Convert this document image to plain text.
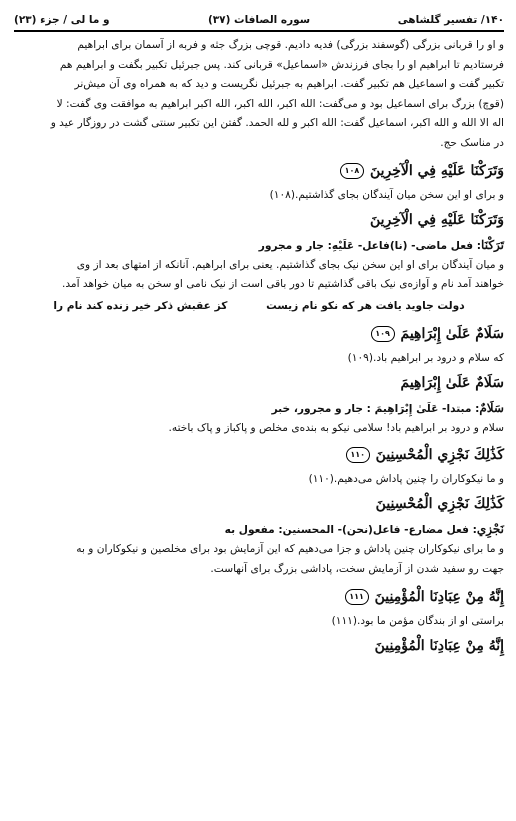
۱۴۰/ تفسیر گلشاهی
سوره الصافات (۳۷)
و ما لی / جزء (۲۳)

و او را قربانی بزرگی (گوسفند بزرگی) فدیه دادیم. قوچی بزرگ جثه و فربه از آسمان برای ابراهیم
فرستادیم تا ابراهیم او را بجای فرزندش «اسماعیل» قربانی کند. پس جبرئیل تکبیر بگفت و ابراهیم هم
تکبیر گفت و اسماعیل هم تکبیر گفت. ابراهیم به جبرئیل نگریست و دید که به همراه وی آن میش‌نر
(قوچ) بزرگ برای اسماعیل بود و می‌گفت: الله اکبر، الله اکبر، الله اکبر ابراهیم به موافقت وی گفت: لا
اله الا الله و الله اکبر، اسماعیل گفت: الله اکبر و لله الحمد. گفتن این تکبیر سنتی گشت در روزگار عید و
در مناسک حج.

وَتَرَكْنَا عَلَيْهِ فِي الْآخِرِينَ۱۰۸

و برای او این سخن میان آیندگان بجای گذاشتیم.(۱۰۸)

وَتَرَكْنَا عَلَيْهِ فِي الْآخِرِينَ

تَرَكْنَا: فعل ماضی- (نا)فاعل- عَلَيْهِ: جار و مجرور

و میان آیندگان برای او این سخن نیک بجای گذاشتیم. یعنی برای ابراهیم. آنانکه از امتهای بعد از وی
خواهند آمد نام و آوازه‌ی نیک باقی گذاشتیم تا دور باقی است از نیک نامی او سخن به میان خواهد آمد.

دولت جاوید یافت هر که نکو نام زیست
کز عقبش ذکر خیر زنده کند نام را

سَلَامٌ عَلَىٰ إِبْرَاهِيمَ۱۰۹

که سلام و درود بر ابراهیم باد.(۱۰۹)

سَلَامٌ عَلَىٰ إِبْرَاهِيمَ

سَلَامٌ: مبتدا- عَلَىٰ إِبْرَاهِيمَ : جار و مجرور، خبر

سلام و درود بر ابراهیم باد! سلامی نیکو به بنده‌ی مخلص و پاکباز و پاک باخته.

كَذَٰلِكَ نَجْزِي الْمُحْسِنِينَ۱۱۰

و ما نیکوکاران را چنین پاداش می‌دهیم.(۱۱۰)

كَذَٰلِكَ نَجْزِي الْمُحْسِنِينَ

نَجْزِي: فعل مضارع- فاعل(نحن)- المحسنین: مفعول به

و ما برای نیکوکاران چنین پاداش و جزا می‌دهیم که این آزمایش بود برای مخلصین و نیکوکاران و به
جهت رو سفید شدن از آزمایش سخت، پاداشی بزرگ برای آنهاست.

إِنَّهُ مِنْ عِبَادِنَا الْمُؤْمِنِينَ۱۱۱

براستی او از بندگان مؤمن ما بود.(۱۱۱)

إِنَّهُ مِنْ عِبَادِنَا الْمُؤْمِنِينَ
